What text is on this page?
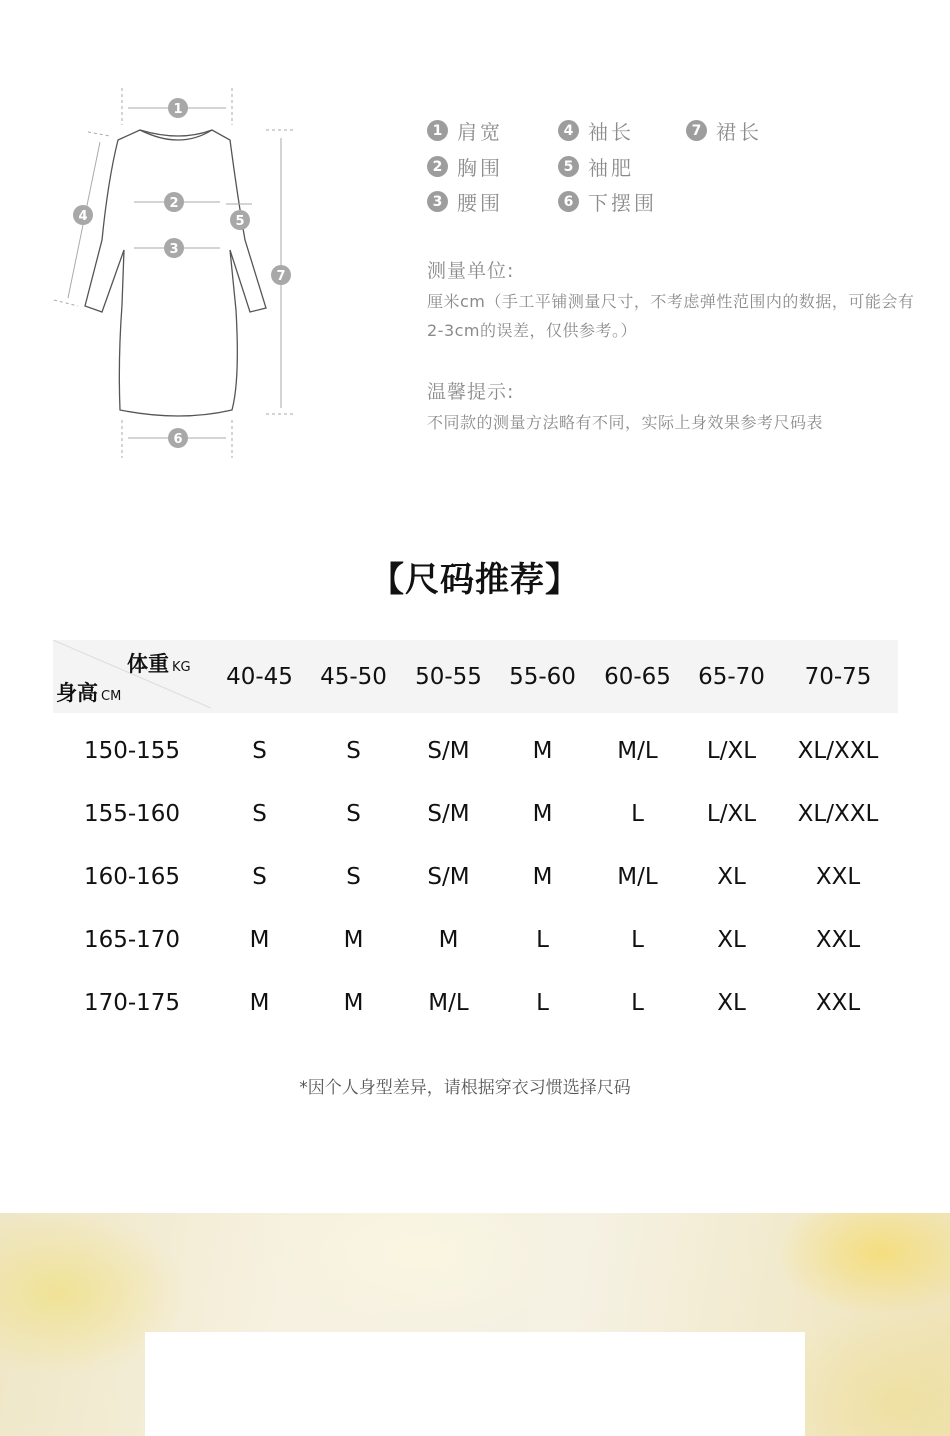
1
2
3
4	5
6
7
1 肩宽	4 袖长	7 裙长
2 胸围	5 袖肥
3 腰围	6 下摆围
测量单位:
厘米cm（手工平铺测量尺寸，不考虑弹性范围内的数据，可能会有2-3cm的误差，仅供参考。）
温馨提示:
不同款的测量方法略有不同，实际上身效果参考尺码表
【尺码推荐】
体重 KG
身高 CM
40-45	45-50	50-55	55-60	60-65	65-70	70-75
150-155	S	S	S/M	M	M/L	L/XL	XL/XXL
155-160	S	S	S/M	M	L	L/XL	XL/XXL
160-165	S	S	S/M	M	M/L	XL	XXL
165-170	M	M	M	L	L	XL	XXL
170-175	M	M	M/L	L	L	XL	XXL
*因个人身型差异，请根据穿衣习惯选择尺码
